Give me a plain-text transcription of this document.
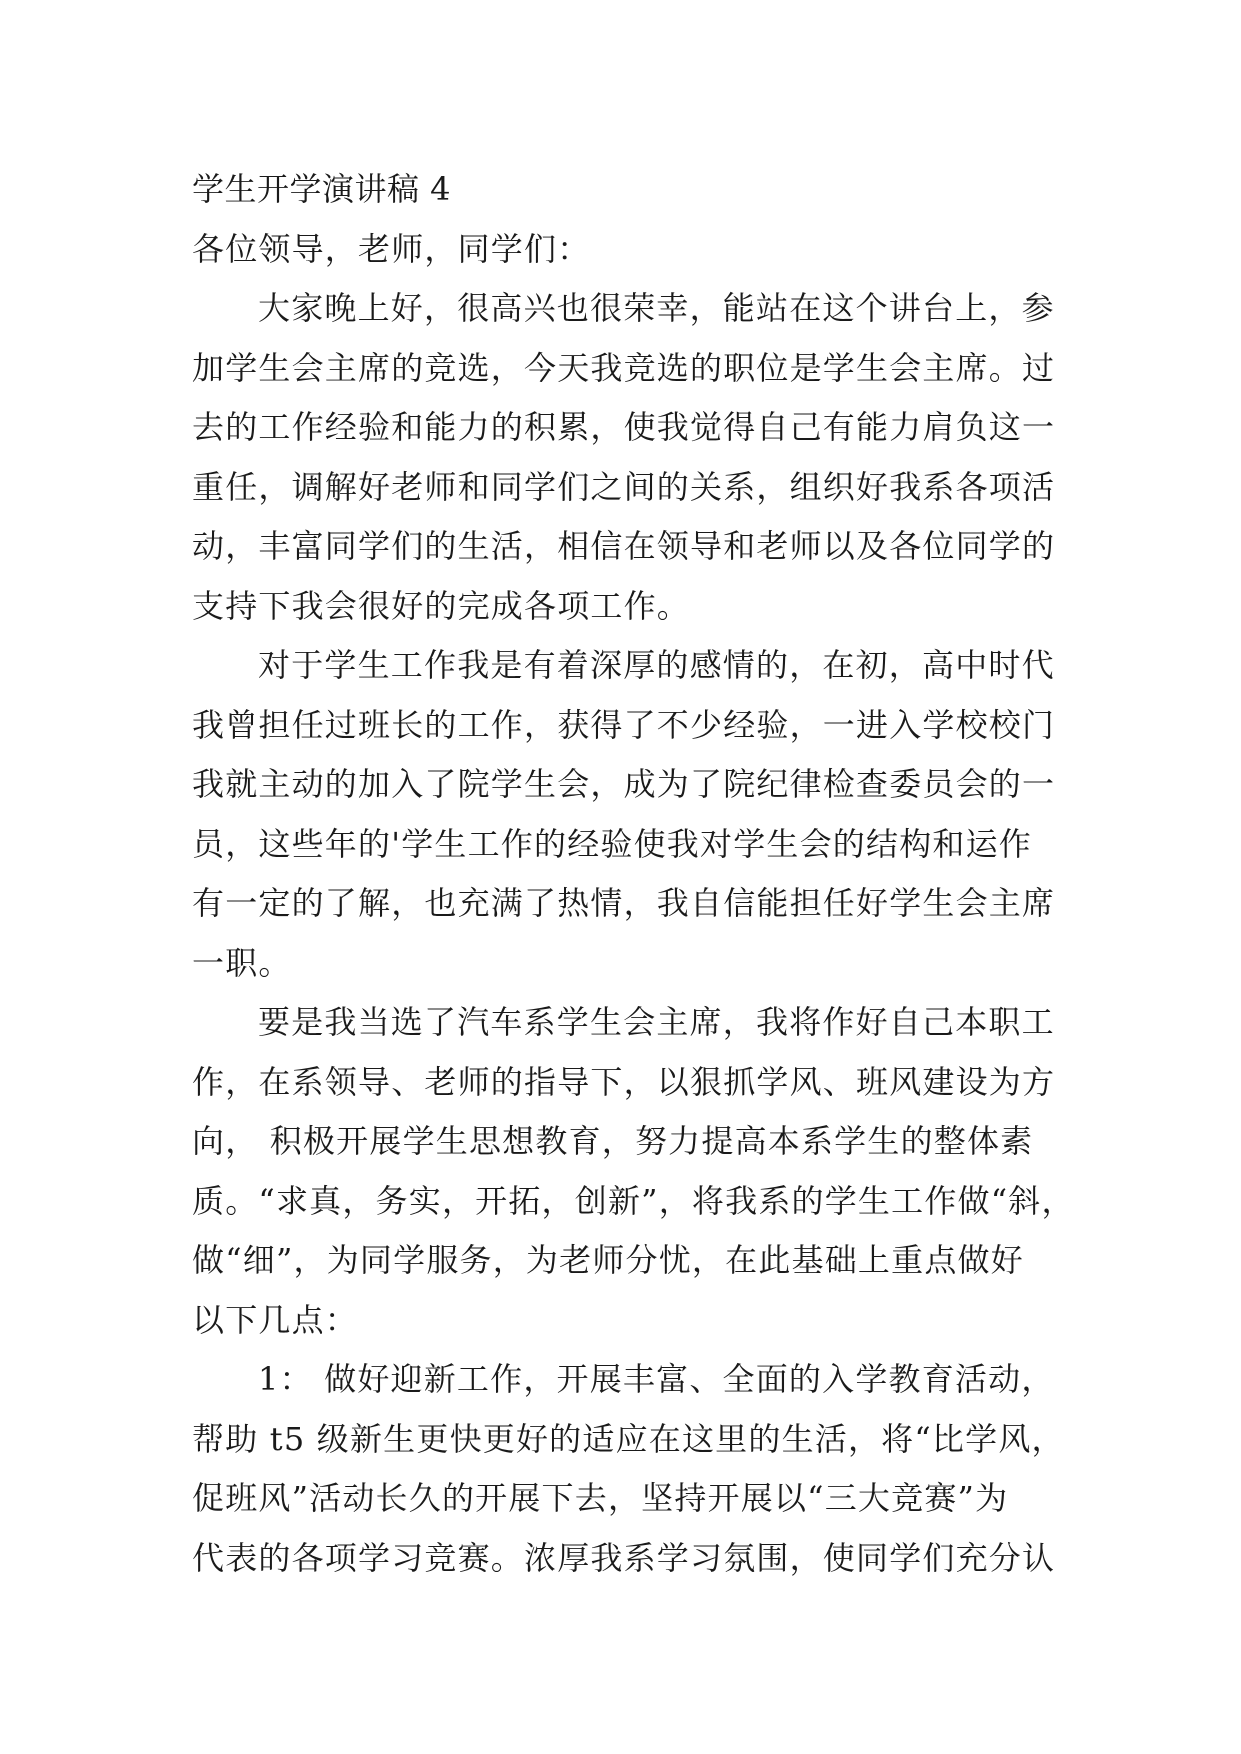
学生开学演讲稿 4
各位领导，老师，同学们：
大家晚上好，很高兴也很荣幸，能站在这个讲台上，参
加学生会主席的竞选，今天我竞选的职位是学生会主席。过
去的工作经验和能力的积累，使我觉得自己有能力肩负这一
重任，调解好老师和同学们之间的关系，组织好我系各项活
动，丰富同学们的生活，相信在领导和老师以及各位同学的
支持下我会很好的完成各项工作。
对于学生工作我是有着深厚的感情的，在初，高中时代
我曾担任过班长的工作，获得了不少经验，一进入学校校门
我就主动的加入了院学生会，成为了院纪律检查委员会的一
员，这些年的'学生工作的经验使我对学生会的结构和运作
有一定的了解，也充满了热情，我自信能担任好学生会主席
一职。
要是我当选了汽车系学生会主席，我将作好自己本职工
作，在系领导、老师的指导下，以狠抓学风、班风建设为方
向， 积极开展学生思想教育，努力提高本系学生的整体素
质。“求真，务实，开拓，创新”，将我系的学生工作做“斜，
做“细”，为同学服务，为老师分忧，在此基础上重点做好
以下几点：
1： 做好迎新工作，开展丰富、全面的入学教育活动，
帮助 t5 级新生更快更好的适应在这里的生活，将“比学风，
促班风”活动长久的开展下去，坚持开展以“三大竞赛”为
代表的各项学习竞赛。浓厚我系学习氛围，使同学们充分认
